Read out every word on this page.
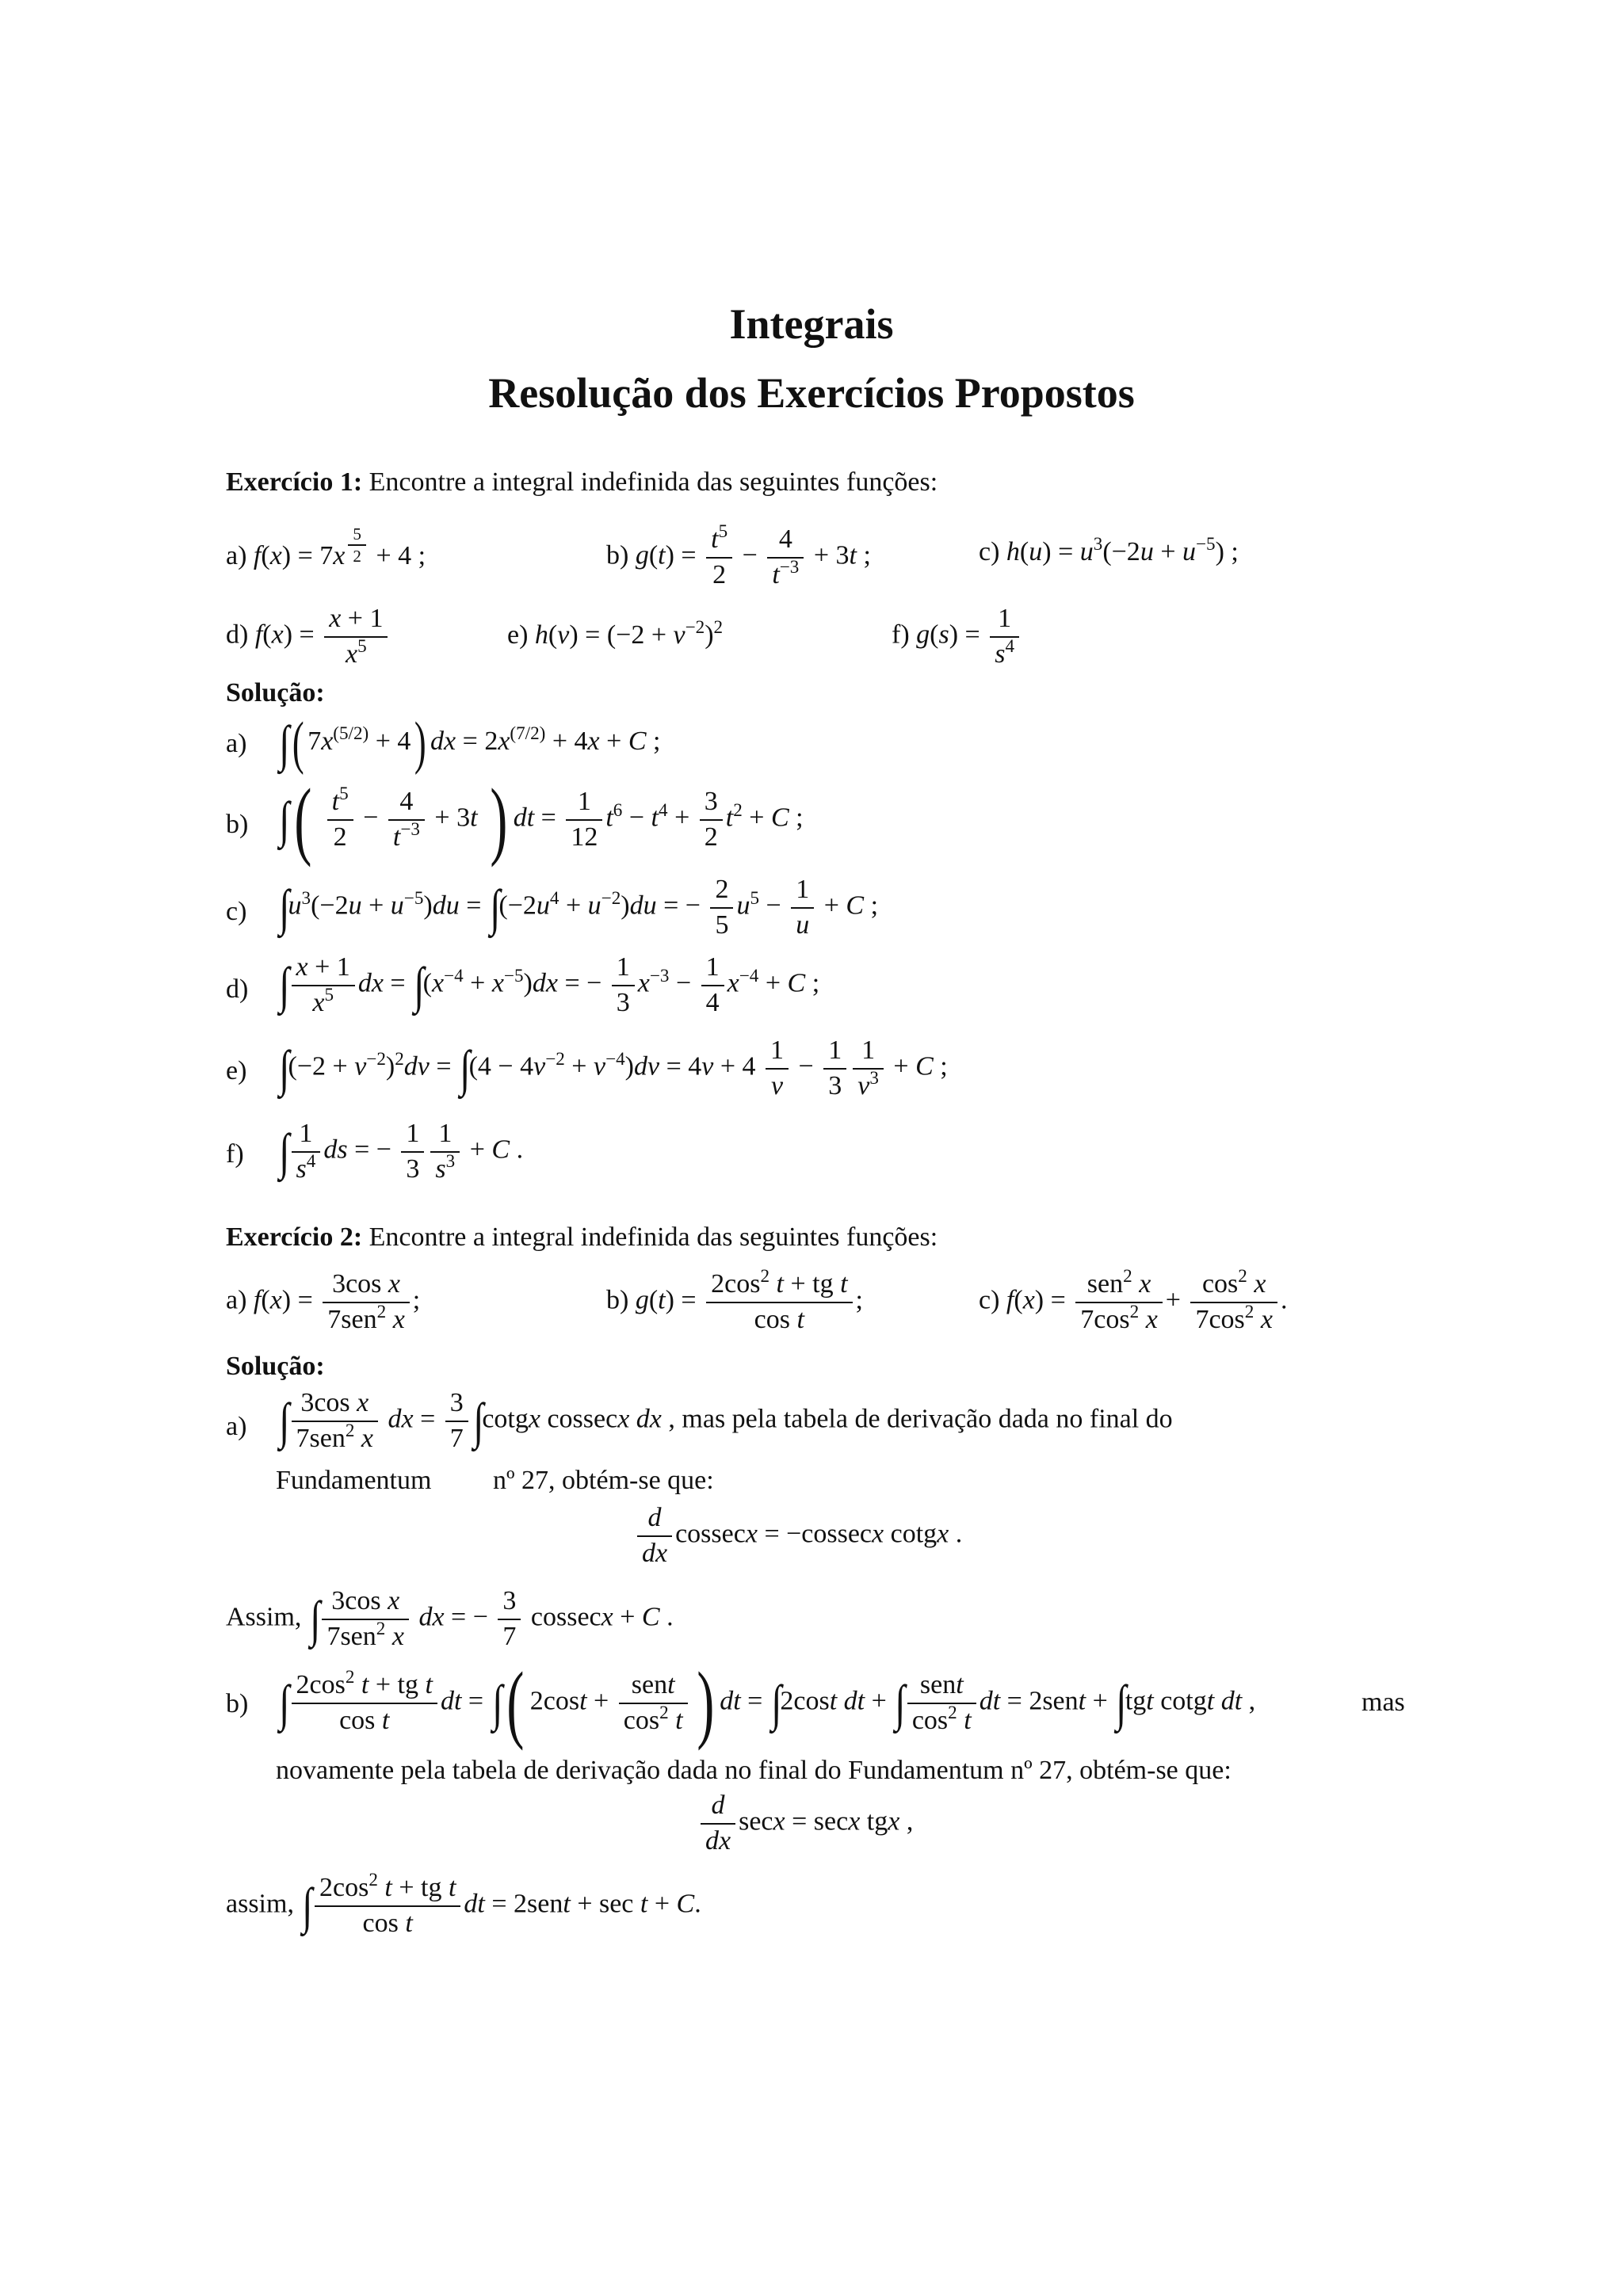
Integrais
Resolução dos Exercícios Propostos
Exercício 1: Encontre a integral indefinida das seguintes funções:
a) f(x) = 7x $^{\frac{5}{2}}$ + 4 ;	b) $g(t) = \frac{t^5}{2} - \frac{4}{t^{-3}} + 3t$ ;	c) $h(u) = u^3(-2u + u^{-5})$ ;
d) $f(x) = \frac{x + 1}{x^5}$	e) $h(v) = (-2 + v^{-2})^2$	f) $g(s) = \frac{1}{s^4}$
Solução:
a) ∫( $7x^{(5/2)} + 4$) dx = $2x^{(7/2)} + 4x + C$ ;
b) ∫( $\frac{t^5}{2} - \frac{4}{t^{-3}} + 3t$ ) dt = $\frac{1}{12} t^6 - t^4 + \frac{3}{2} t^2 + C$ ;
c) $\int u^3(-2u + u^{-5})du = \int(-2u^4 + u^{-2})du$ = − $\frac{2}{5} u^5 - \frac{1}{u} + C$ ;
d) ∫ $\frac{x + 1}{x^5}$ dx = $\int(x^{-4} + x^{-5})dx$ = − $\frac{1}{3} x^{-3} - \frac{1}{4} x^{-4} + C$ ;
e) $\int(-2 + v^{-2})^2dv = \int(4 - 4v^{-2} + v^{-4})dv = 4v + 4 \frac{1}{v} - \frac{1}{3} \frac{1}{v^3} + C$ ;
f) ∫ $\frac{1}{s^4}$ ds = − $\frac{1}{3} \frac{1}{s^3} + C$ .
Exercício 2: Encontre a integral indefinida das seguintes funções:
a) $f(x) = \frac{\text{3cos x}}{7sen^2 x}$ ;	b) $g(t) = \frac{2\cos^2 t + tg t}{\text{cos t}}$ ;	c) $f(x) = \frac{sen^2 x}{7\cos^2 x} + \frac{\cos^2 x}{7\cos^2 x}$ .
Solução:
a) ∫ $\frac{\text{3cos x}}{7sen^2 x}$ dx = $\frac{3}{7}$ ∫cotgx cossecx dx , mas pela tabela de derivação dada no final do
Fundamentum nº 27, obtém-se que:
$\frac{d}{dx}$ cossecx = −cossecx cotgx .
Assim, ∫ $\frac{\text{3cos x}}{7sen^2 x}$ dx = − $\frac{3}{7}$ cossecx + C .
b) ∫ $\frac{2\cos^2 t + tg t}{\text{cos t}}$ dt = ∫( $2\cos t + \frac{\text{sent}}{\cos^2 t}$ ) dt = ∫2cost dt + ∫ $\frac{\text{sent}}{\cos^2 t}$ dt = 2sent + ∫tgt cotgt dt ,	mas
novamente pela tabela de derivação dada no final do Fundamentum nº 27, obtém-se que:
$\frac{d}{dx}$ secx = secx tgx ,
assim, ∫ $\frac{2\cos^2 t + tg t}{\text{cos t}}$ dt = 2sent + sec t + C.
